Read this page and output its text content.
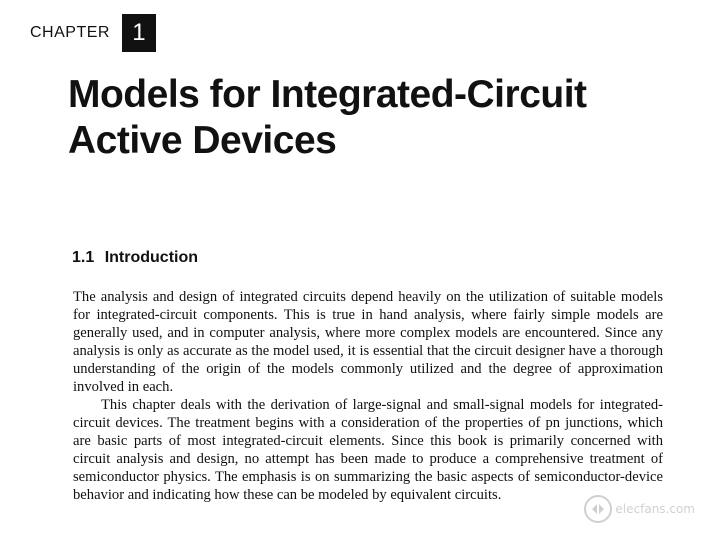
CHAPTER 1
Models for Integrated-Circuit
Active Devices
1.1 Introduction

The analysis and design of integrated circuits depend heavily on the utilization of suitable models for integrated-circuit components. This is true in hand analysis, where fairly simple models are generally used, and in computer analysis, where more complex models are encountered. Since any analysis is only as accurate as the model used, it is essential that the circuit designer have a thorough understanding of the origin of the models commonly utilized and the degree of approximation involved in each.

This chapter deals with the derivation of large-signal and small-signal models for integrated-circuit devices. The treatment begins with a consideration of the properties of pn junctions, which are basic parts of most integrated-circuit elements. Since this book is primarily concerned with circuit analysis and design, no attempt has been made to produce a comprehensive treatment of semiconductor physics. The emphasis is on summarizing the basic aspects of semiconductor-device behavior and indicating how these can be modeled by equivalent circuits.

elecfans.com
